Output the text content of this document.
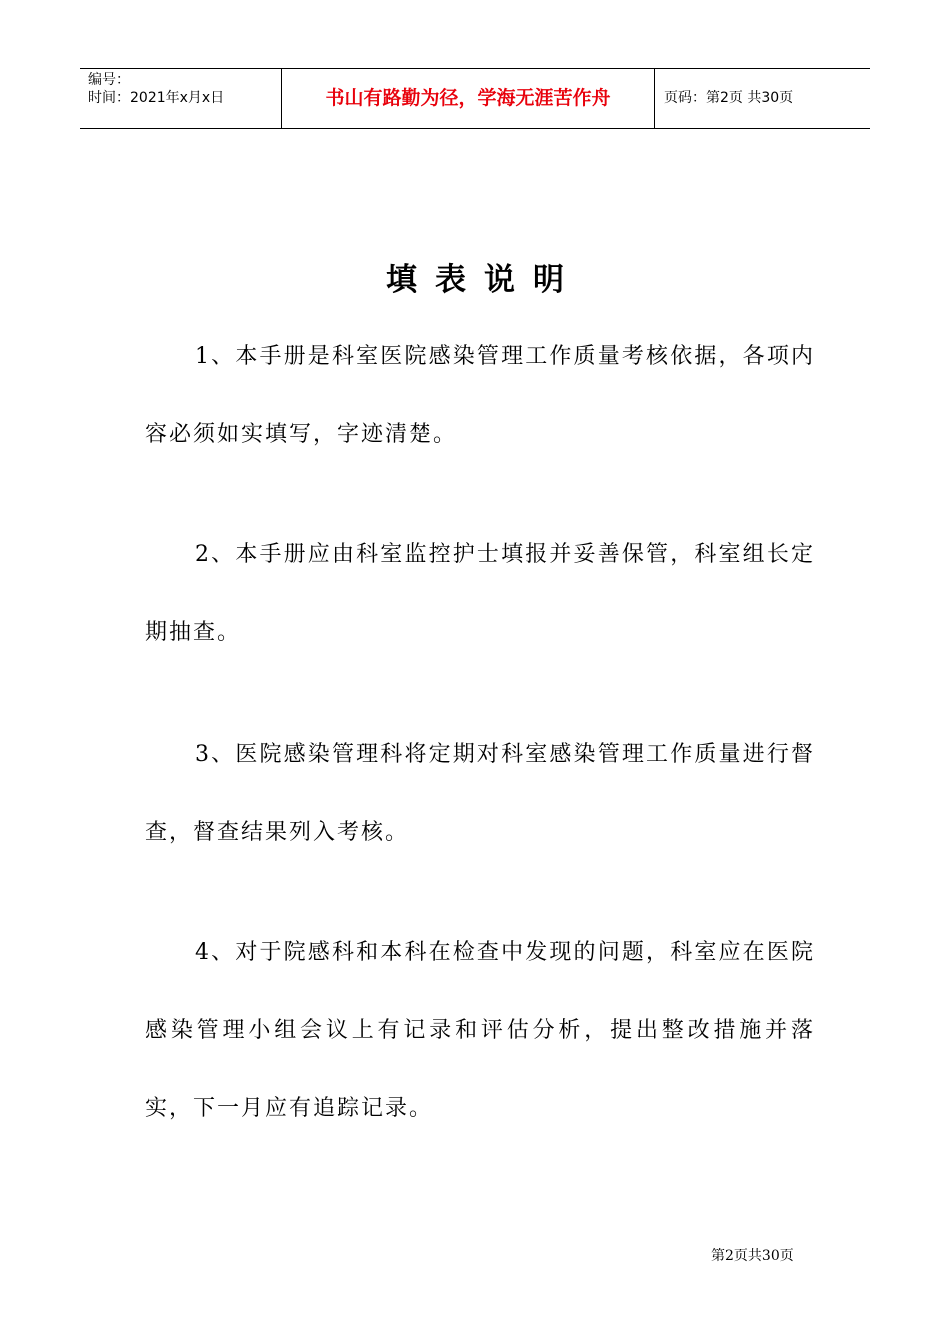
编号：
时间：2021年x月x日	书山有路勤为径，学海无涯苦作舟	页码：第2页 共30页
填表说明
1、本手册是科室医院感染管理工作质量考核依据，各项内容必须如实填写，字迹清楚。
2、本手册应由科室监控护士填报并妥善保管，科室组长定期抽查。
3、医院感染管理科将定期对科室感染管理工作质量进行督查，督查结果列入考核。
4、对于院感科和本科在检查中发现的问题，科室应在医院感染管理小组会议上有记录和评估分析，提出整改措施并落实，下一月应有追踪记录。
第2页共30页
